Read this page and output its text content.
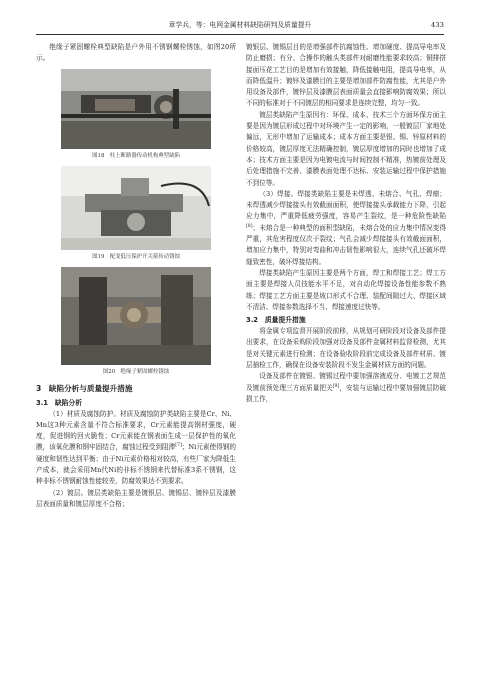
章学兵，等：电网金属材料缺陷研判及质量提升	433

绝缘子紧固螺栓典型缺陷是户外用不锈钢螺栓锈蚀，如图20所示。

图18　柱上断路器传动机构典型缺陷
图19　配变低压保护开关箍传动锈蚀
图20　绝缘子紧固螺栓锈蚀
3　缺陷分析与质量提升措施
3.1　缺陷分析

（1）材质及腐蚀防护。材质及腐蚀防护类缺陷主要是Cr、Ni、Mn这3种元素含量不符合标准要求，Cr元素能提高钢材强度，硬度，促进钢的回火脆性；Cr元素能在钢表面生成一层保护性的氧化膜，该氧化膜和钢牢固结合，腐蚀过程受到阻滞[7]；Ni元素使得钢的硬度和韧性达到平衡；由于Ni元素价格相对较高，有些厂家为降低生产成本，就会采用Mn代Ni的非标不锈钢来代替标准3系不锈钢，这种非标不锈钢耐蚀性能较差，防腐效果达不到要求。

（2）镀层。镀层类缺陷主要是镀银层、镀锡层、镀锌层及漆膜层表面质量和镀层厚度不合格；

镀银层、镀锡层目的是增强部件抗腐蚀性、增加硬度、提高导电率及防止磨损；有分、合操作的触头类部件对耐磨性能要求较高；铜排搭接面压花工艺目的是增加有效接触，降低接触电阻，提高导电率，从而降低温升；镀锌及漆膜目的主要是增加部件防腐性能，尤其是户外用设备及部件，镀锌层及漆膜层表面质量会直接影响防腐效果；所以不同的标准对于不同镀层的相同要求是连续完整，均匀一致。

镀层类缺陷产生原因有：环保、成本、技术三个方面环保方面主要是因为镀层形成过程中对环境产生一定的影响，一般镀层厂家地处偏远，无形中增加了运输成本；成本方面主要是银、锡、锌原材料的价格较高，镀层厚度无法精确控制，镀层厚度增加的同时也增加了成本；技术方面主要是因为电镀电流与时间控制不精准，热镀前处理及后处理措施不完善、漆膜表面处理不达标、安装运输过程中保护措施不到位等。

（3）焊接。焊接类缺陷主要是未焊透、未熔合、气孔、焊瘤；未焊透减少焊接接头有效截面面积，使焊接接头承载能力下降，引起应力集中，严重降低疲劳强度，容易产生裂纹，是一种危险性缺陷[8]；未熔合是一种典型的面积型缺陷，未熔合处的应力集中情况变得严重，其危害程度仅次于裂纹；气孔会减少焊接接头有效截面面积，增加应力集中，特别对弯曲和冲击韧性影响很大，连续气孔还破坏焊缝致密性，破坏焊接结构。

焊接类缺陷产生原因主要是两个方面，焊工和焊接工艺；焊工方面主要是焊接人员技能水平不足，对自动化焊接设备性能参数不熟练；焊接工艺方面主要是坡口形式不合理、装配间隙过大、焊接区域不清洁、焊接参数选择不当、焊接速度过快等。

3.2　质量提升措施

将金属专项监督开展阶段前移，从规划可研阶段对设备及部件提出要求，在设备采购阶段加强对设备及部件金属材料监督检测，尤其是对关键元素进行检测；在设备验收阶段前完成设备及部件材质、镀层抽检工作，确保在设备安装阶段不发生金属材质方面的问题。

设备及部件在镀银、镀锡过程中要加强溶液成分、电镀工艺规范及镀前预处理三方面质量把关[9]，安装与运输过程中要加强镀层防破损工作，
